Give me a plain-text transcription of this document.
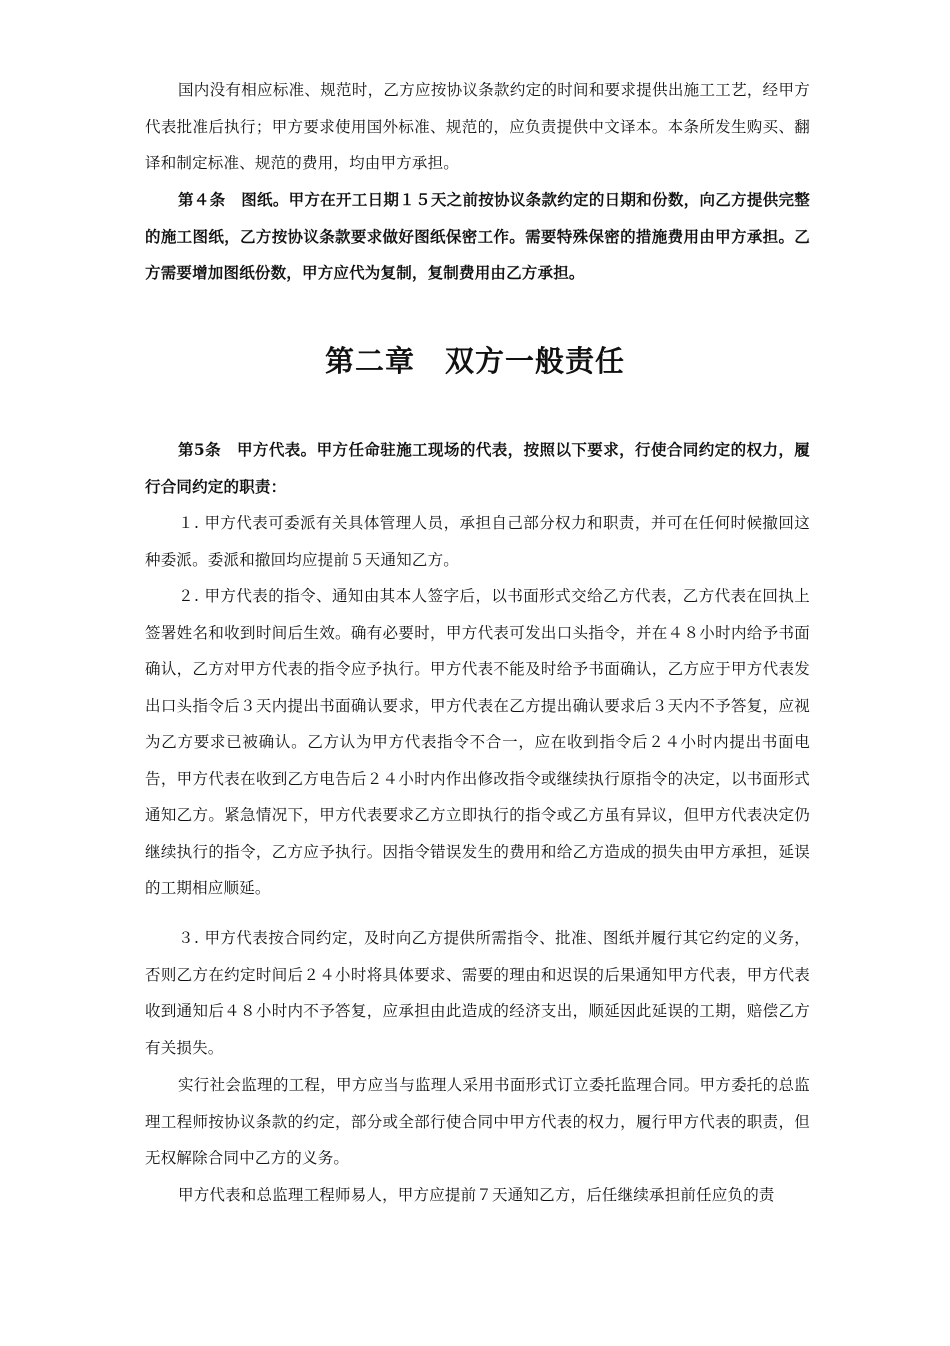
国内没有相应标准、规范时，乙方应按协议条款约定的时间和要求提供出施工工艺，经甲方代表批准后执行；甲方要求使用国外标准、规范的，应负责提供中文译本。本条所发生购买、翻译和制定标准、规范的费用，均由甲方承担。

第４条　图纸。甲方在开工日期１５天之前按协议条款约定的日期和份数，向乙方提供完整的施工图纸，乙方按协议条款要求做好图纸保密工作。需要特殊保密的措施费用由甲方承担。乙方需要增加图纸份数，甲方应代为复制，复制费用由乙方承担。

第二章　双方一般责任

第5条　甲方代表。甲方任命驻施工现场的代表，按照以下要求，行使合同约定的权力，履行合同约定的职责：

１. 甲方代表可委派有关具体管理人员，承担自己部分权力和职责，并可在任何时候撤回这种委派。委派和撤回均应提前５天通知乙方。

２. 甲方代表的指令、通知由其本人签字后，以书面形式交给乙方代表，乙方代表在回执上签署姓名和收到时间后生效。确有必要时，甲方代表可发出口头指令，并在４８小时内给予书面确认，乙方对甲方代表的指令应予执行。甲方代表不能及时给予书面确认，乙方应于甲方代表发出口头指令后３天内提出书面确认要求，甲方代表在乙方提出确认要求后３天内不予答复，应视为乙方要求已被确认。乙方认为甲方代表指令不合一，应在收到指令后２４小时内提出书面电告，甲方代表在收到乙方电告后２４小时内作出修改指令或继续执行原指令的决定，以书面形式通知乙方。紧急情况下，甲方代表要求乙方立即执行的指令或乙方虽有异议，但甲方代表决定仍继续执行的指令，乙方应予执行。因指令错误发生的费用和给乙方造成的损失由甲方承担，延误的工期相应顺延。

３. 甲方代表按合同约定，及时向乙方提供所需指令、批准、图纸并履行其它约定的义务，否则乙方在约定时间后２４小时将具体要求、需要的理由和迟误的后果通知甲方代表，甲方代表收到通知后４８小时内不予答复，应承担由此造成的经济支出，顺延因此延误的工期，赔偿乙方有关损失。

实行社会监理的工程，甲方应当与监理人采用书面形式订立委托监理合同。甲方委托的总监理工程师按协议条款的约定，部分或全部行使合同中甲方代表的权力，履行甲方代表的职责，但无权解除合同中乙方的义务。

甲方代表和总监理工程师易人，甲方应提前７天通知乙方，后任继续承担前任应负的责
